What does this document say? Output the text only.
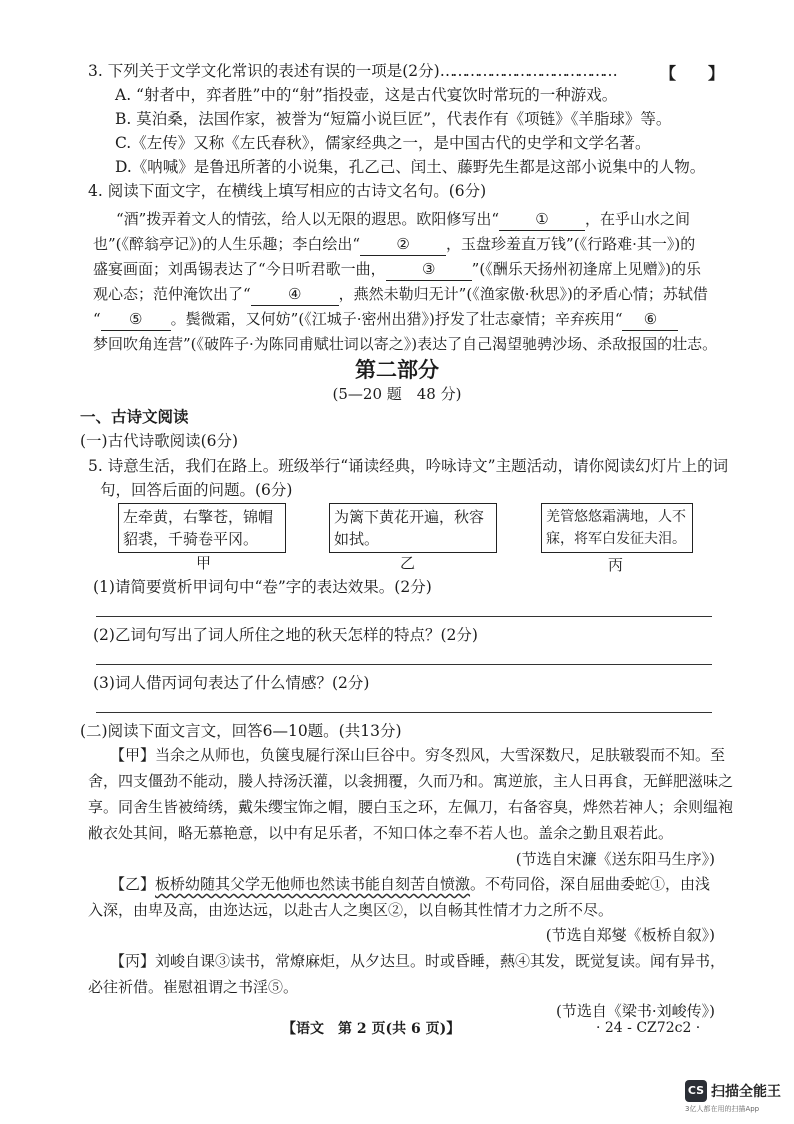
3. 下列关于文学文化常识的表述有误的一项是(2分)……………………………………	【　　】
A. “射者中，弈者胜”中的“射”指投壶，这是古代宴饮时常玩的一种游戏。
B. 莫泊桑，法国作家，被誉为“短篇小说巨匠”，代表作有《项链》《羊脂球》等。
C.《左传》又称《左氏春秋》，儒家经典之一，是中国古代的史学和文学名著。
D.《呐喊》是鲁迅所著的小说集，孔乙己、闰土、藤野先生都是这部小说集中的人物。
4. 阅读下面文字，在横线上填写相应的古诗文名句。(6分)
“酒”拨弄着文人的情弦，给人以无限的遐思。欧阳修写出“ ① ，在乎山水之间
也”(《醉翁亭记》)的人生乐趣；李白绘出“ ② ，玉盘珍羞直万钱”(《行路难·其一》)的
盛宴画面；刘禹锡表达了“今日听君歌一曲， ③ ”(《酬乐天扬州初逢席上见赠》)的乐
观心态；范仲淹饮出了“ ④ ，燕然未勒归无计”(《渔家傲·秋思》)的矛盾心情；苏轼借
“ ⑤ 。鬓微霜，又何妨”(《江城子·密州出猎》)抒发了壮志豪情；辛弃疾用“ ⑥
梦回吹角连营”(《破阵子·为陈同甫赋壮词以寄之》)表达了自己渴望驰骋沙场、杀敌报国的壮志。
第二部分
(5—20 题　48 分)
一、古诗文阅读
(一)古代诗歌阅读(6分)
5. 诗意生活，我们在路上。班级举行“诵读经典，吟咏诗文”主题活动，请你阅读幻灯片上的词
句，回答后面的问题。(6分)
左牵黄，右擎苍，锦帽
貂裘，千骑卷平冈。
为篱下黄花开遍，秋容
如拭。
羌管悠悠霜满地，人不
寐，将军白发征夫泪。
甲	乙	丙
(1)请简要赏析甲词句中“卷”字的表达效果。(2分)
(2)乙词句写出了词人所住之地的秋天怎样的特点？(2分)
(3)词人借丙词句表达了什么情感？(2分)
(二)阅读下面文言文，回答6—10题。(共13分)
【甲】当余之从师也，负箧曳屣行深山巨谷中。穷冬烈风，大雪深数尺，足肤皲裂而不知。至
舍，四支僵劲不能动，媵人持汤沃灌，以衾拥覆，久而乃和。寓逆旅，主人日再食，无鲜肥滋味之
享。同舍生皆被绮绣，戴朱缨宝饰之帽，腰白玉之环，左佩刀，右备容臭，烨然若神人；余则缊袍
敝衣处其间，略无慕艳意，以中有足乐者，不知口体之奉不若人也。盖余之勤且艰若此。
(节选自宋濂《送东阳马生序》)
【乙】板桥幼随其父学无他师也然读书能自刻苦自愤激。不苟同俗，深自屈曲委蛇①，由浅
入深，由卑及高，由迩达远，以赴古人之奥区②，以自畅其性情才力之所不尽。
(节选自郑燮《板桥自叙》)
【丙】刘峻自课③读书，常燎麻炬，从夕达旦。时或昏睡，爇④其发，既觉复读。闻有异书，
必往祈借。崔慰祖谓之书淫⑤。
(节选自《梁书·刘峻传》)
【语文　第 2 页(共 6 页)】	· 24 - CZ72c2 ·
CS 扫描全能王
3亿人都在用的扫描App
